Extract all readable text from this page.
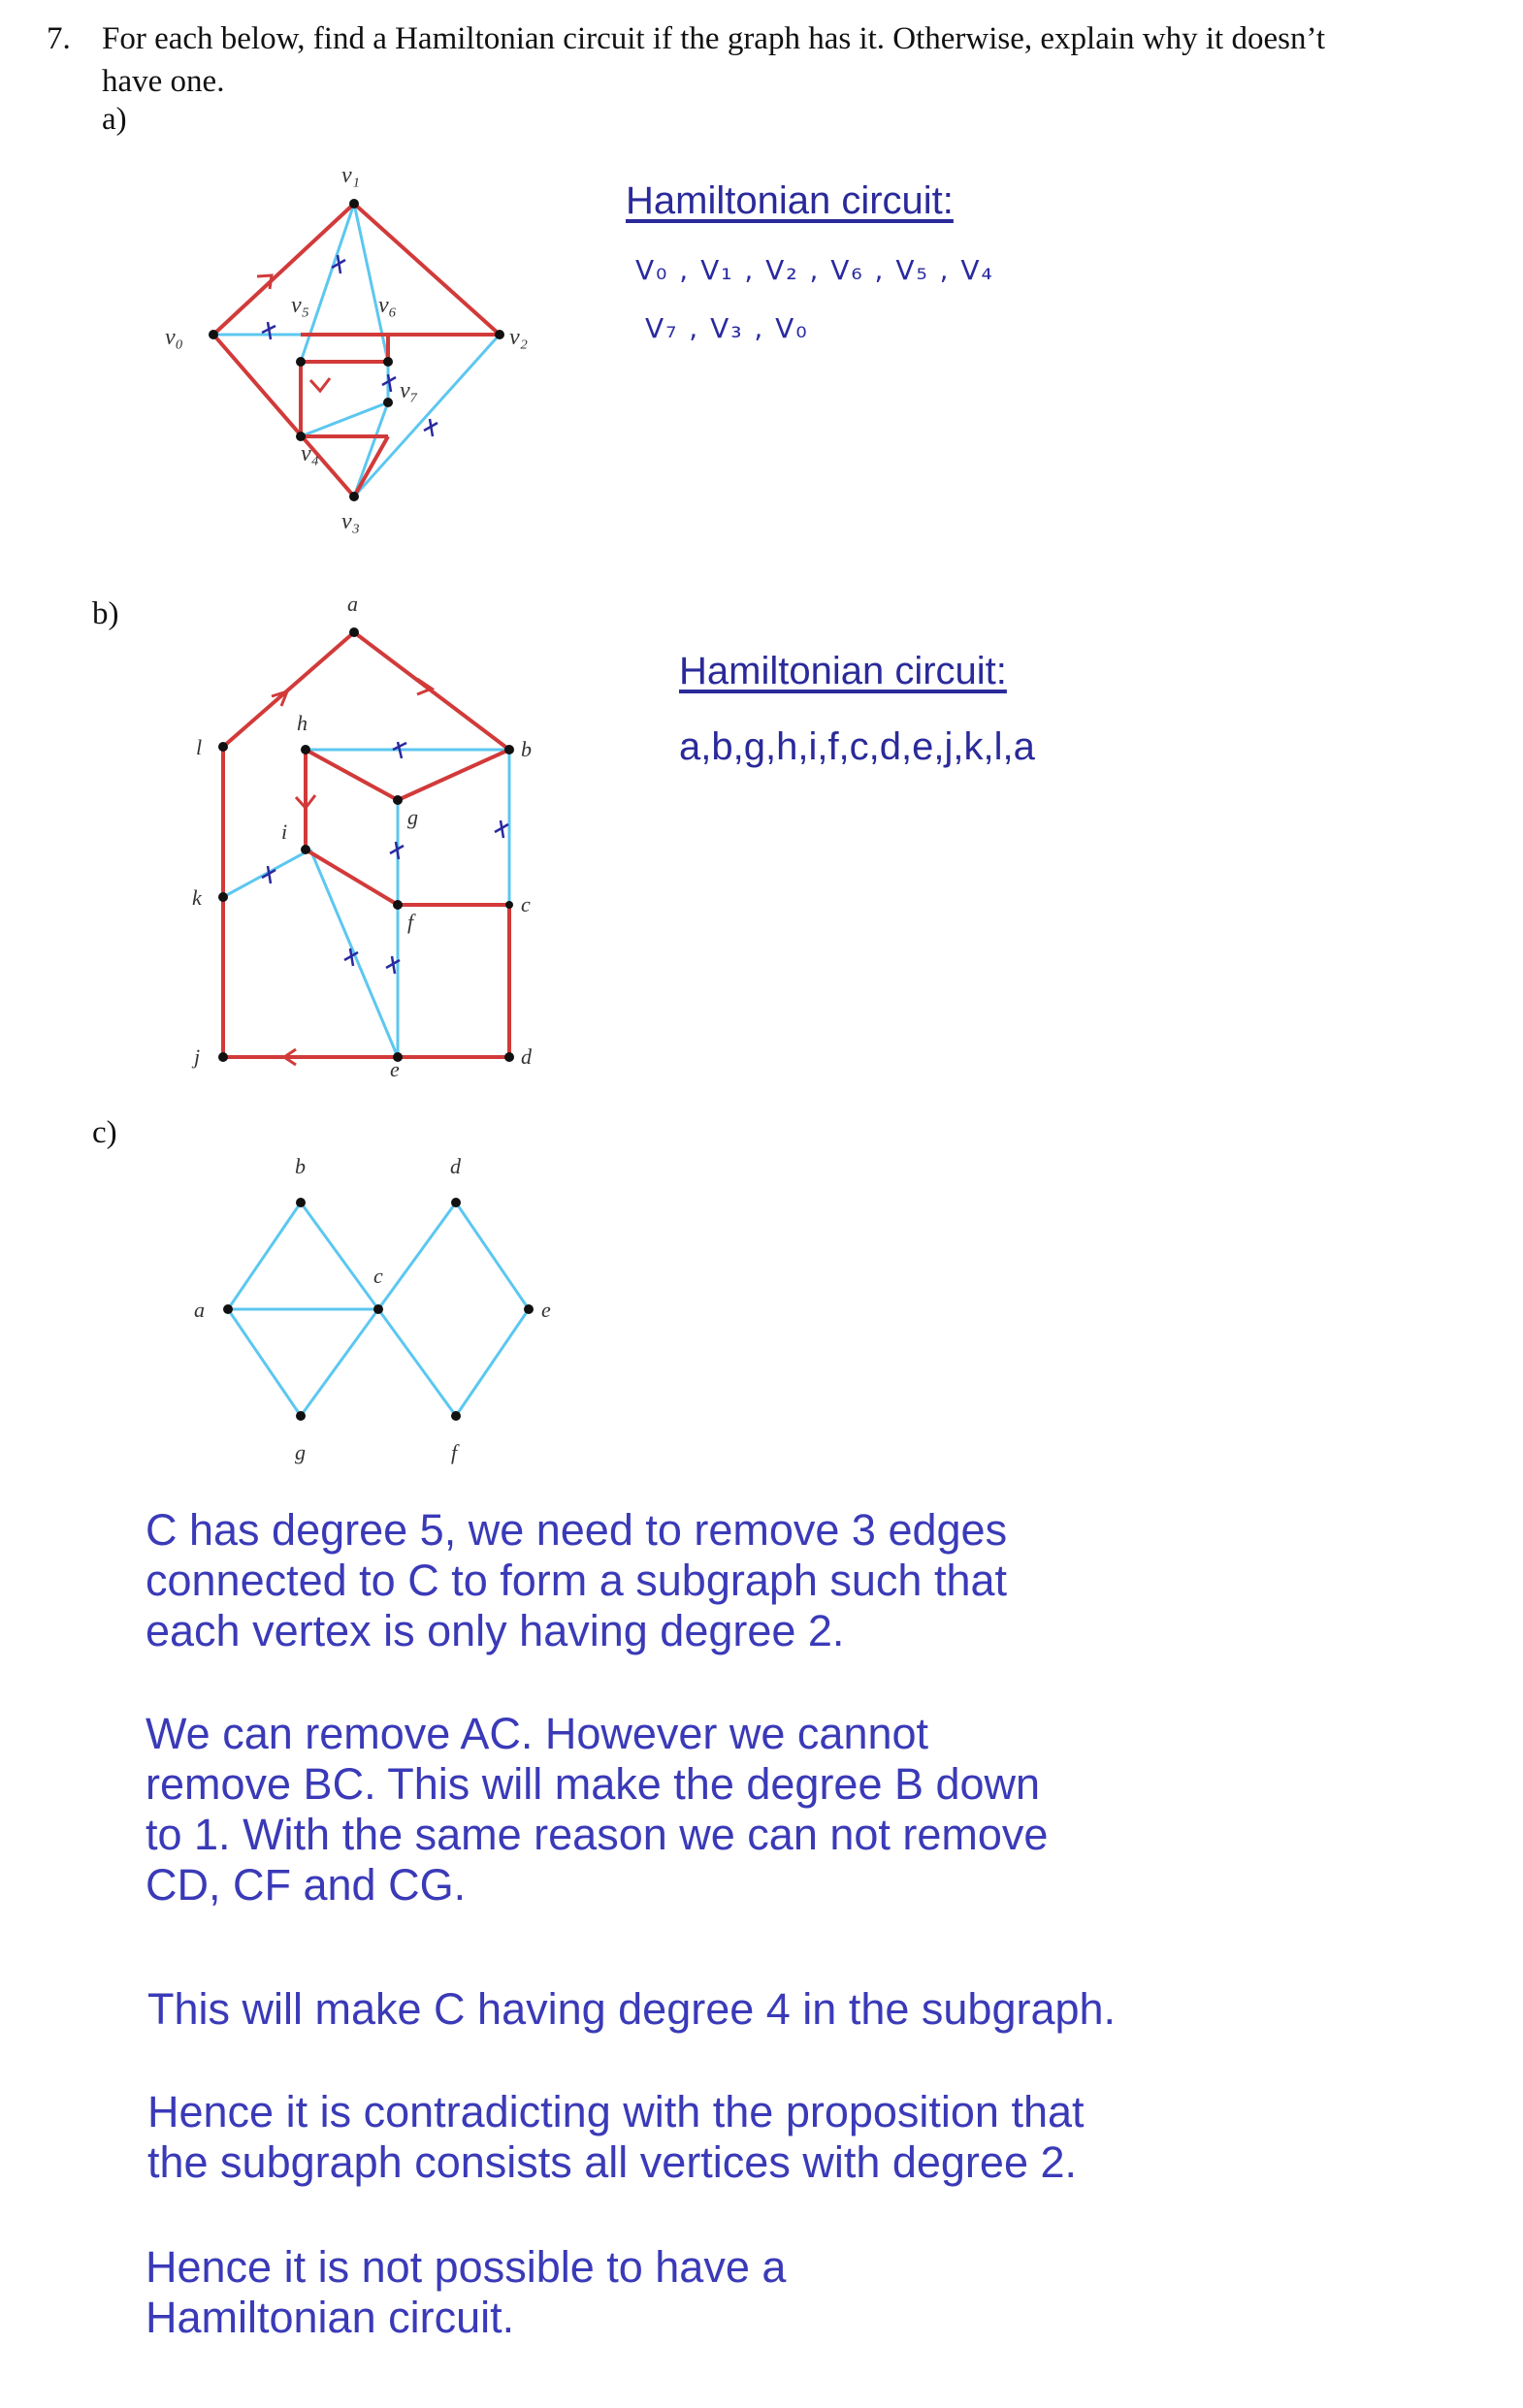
7. For each below, find a Hamiltonian circuit if the graph has it. Otherwise, explain why it doesn’t
have one.
a)
v₁
v₀	v₂
v₅	v₆
v₄
v₇
v₃
Hamiltonian circuit:
V₀ , V₁ , V₂ , V₆ , V₅ , V₄
V₇ , V₃ , V₀
b)	a
b
c
d
e
f
g
h
i
j
k
l
Hamiltonian circuit:
a,b,g,h,i,f,c,d,e,j,k,l,a
c)
a
b
c
d
e
f
g
C has degree 5, we need to remove 3 edges
connected to C to form a subgraph such that
each vertex is only having degree 2.
We can remove AC. However we cannot
remove BC. This will make the degree B down
to 1. With the same reason we can not remove
CD, CF and CG.
This will make C having degree 4 in the subgraph.
Hence it is contradicting with the proposition that
the subgraph consists all vertices with degree 2.
Hence it is not possible to have a
Hamiltonian circuit.
